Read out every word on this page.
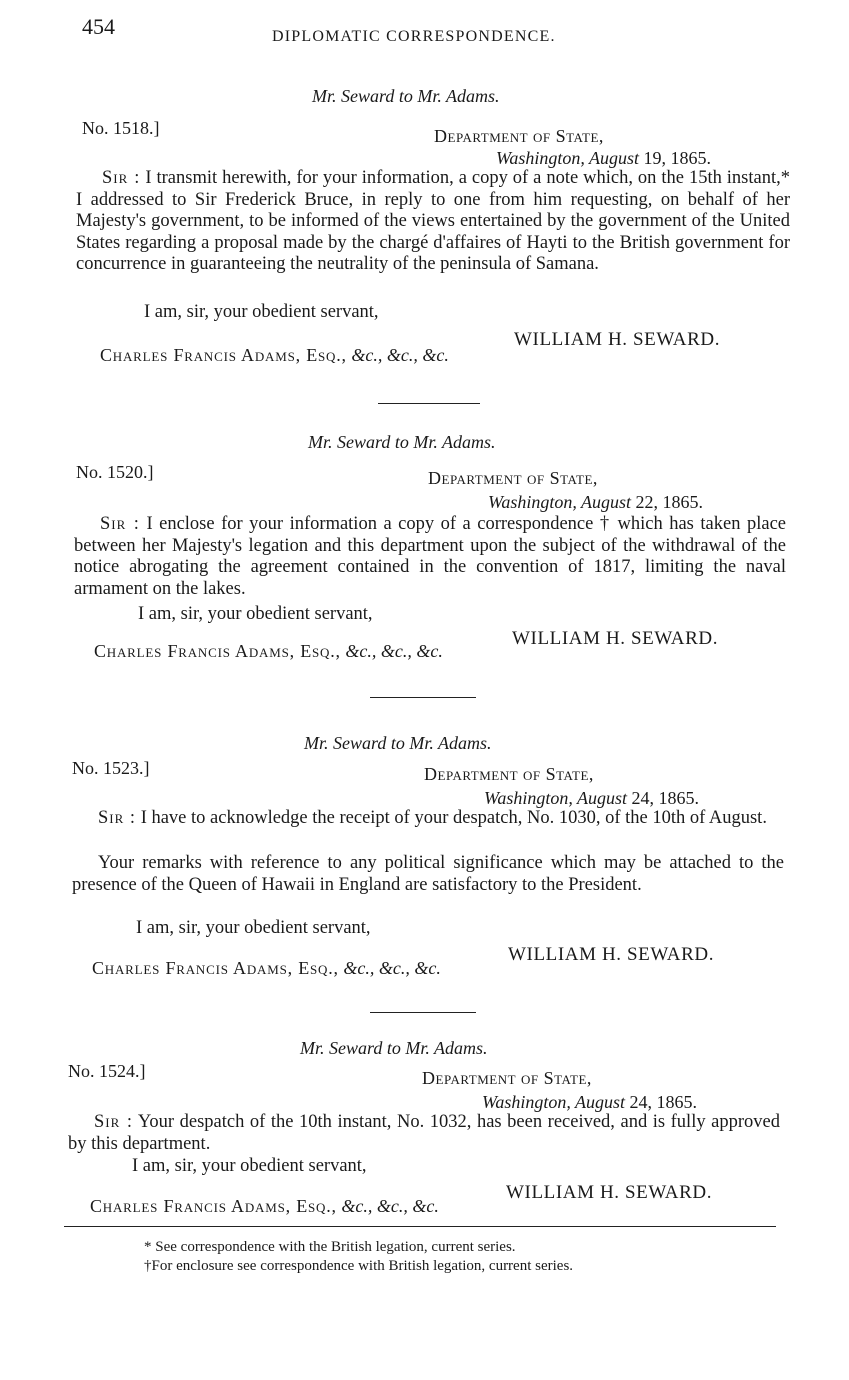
454	DIPLOMATIC CORRESPONDENCE.
Mr. Seward to Mr. Adams.
No. 1518.]	Department of State,
Washington, August 19, 1865.
Sir : I transmit herewith, for your information, a copy of a note which, on the 15th instant,* I addressed to Sir Frederick Bruce, in reply to one from him requesting, on behalf of her Majesty's government, to be informed of the views entertained by the government of the United States regarding a proposal made by the chargé d'affaires of Hayti to the British government for concurrence in guaranteeing the neutrality of the peninsula of Samana.
I am, sir, your obedient servant,
WILLIAM H. SEWARD.
Charles Francis Adams, Esq., &c., &c., &c.
Mr. Seward to Mr. Adams.
No. 1520.]	Department of State,
Washington, August 22, 1865.
Sir : I enclose for your information a copy of a correspondence † which has taken place between her Majesty's legation and this department upon the subject of the withdrawal of the notice abrogating the agreement contained in the convention of 1817, limiting the naval armament on the lakes.
I am, sir, your obedient servant,
WILLIAM H. SEWARD.
Charles Francis Adams, Esq., &c., &c., &c.
Mr. Seward to Mr. Adams.
No. 1523.]	Department of State,
Washington, August 24, 1865.
Sir : I have to acknowledge the receipt of your despatch, No. 1030, of the 10th of August.
Your remarks with reference to any political significance which may be attached to the presence of the Queen of Hawaii in England are satisfactory to the President.
I am, sir, your obedient servant,
WILLIAM H. SEWARD.
Charles Francis Adams, Esq., &c., &c., &c.
Mr. Seward to Mr. Adams.
No. 1524.]	Department of State,
Washington, August 24, 1865.
Sir : Your despatch of the 10th instant, No. 1032, has been received, and is fully approved by this department.
I am, sir, your obedient servant,
WILLIAM H. SEWARD.
Charles Francis Adams, Esq., &c., &c., &c.
* See correspondence with the British legation, current series.
†For enclosure see correspondence with British legation, current series.
